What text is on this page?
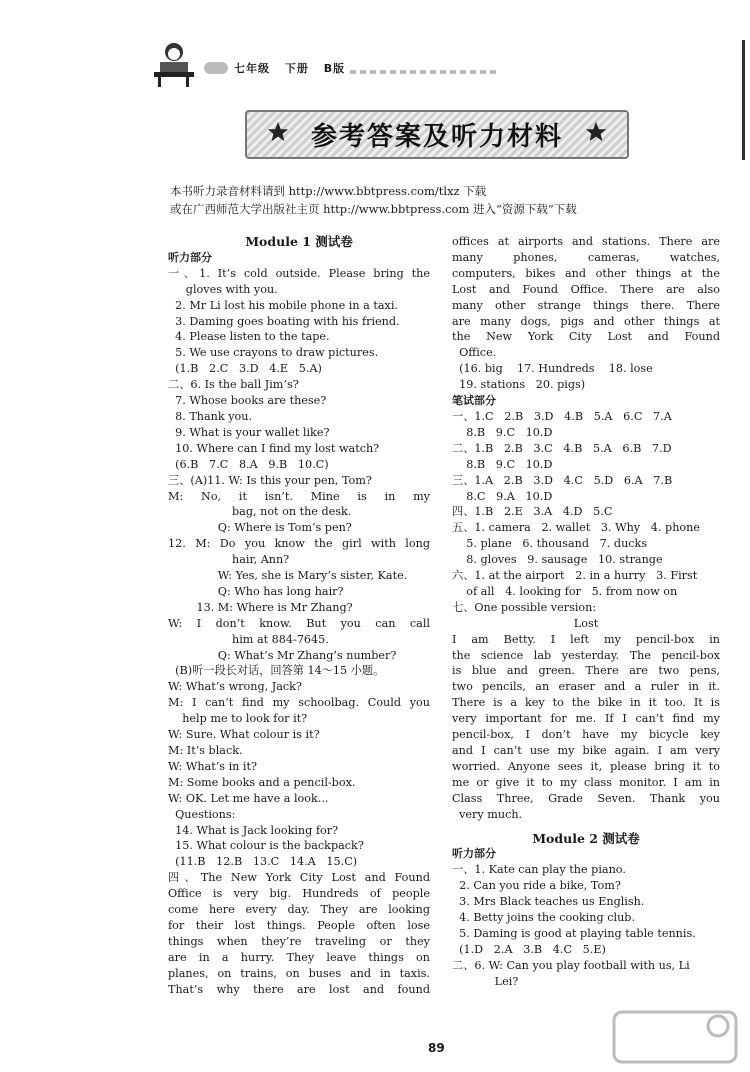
七年级 下册 B版
参考答案及听力材料
本书听力录音材料请到 http://www.bbtpress.com/tlxz 下载
或在广西师范大学出版社主页 http://www.bbtpress.com 进入“资源下载”下载
Module 1 测试卷
听力部分
一、1. It’s cold outside. Please bring the
gloves with you.
2. Mr Li lost his mobile phone in a taxi.
3. Daming goes boating with his friend.
4. Please listen to the tape.
5. We use crayons to draw pictures.
(1.B   2.C   3.D   4.E   5.A)
二、6. Is the ball Jim’s?
7. Whose books are these?
8. Thank you.
9. What is your wallet like?
10. Where can I find my lost watch?
(6.B   7.C   8.A   9.B   10.C)
三、(A)11. W: Is this your pen, Tom?
M: No, it isn’t. Mine is in my
bag, not on the desk.
Q: Where is Tom’s pen?
12. M: Do you know the girl with long
hair, Ann?
W: Yes, she is Mary’s sister, Kate.
Q: Who has long hair?
13. M: Where is Mr Zhang?
W: I don’t know. But you can call
him at 884-7645.
Q: What’s Mr Zhang’s number?
(B)听一段长对话，回答第 14～15 小题。
W: What’s wrong, Jack?
M: I can’t find my schoolbag. Could you
help me to look for it?
W: Sure. What colour is it?
M: It’s black.
W: What’s in it?
M: Some books and a pencil-box.
W: OK. Let me have a look...
Questions:
14. What is Jack looking for?
15. What colour is the backpack?
(11.B   12.B   13.C   14.A   15.C)
四、The New York City Lost and Found
Office is very big. Hundreds of people
come here every day. They are looking
for their lost things. People often lose
things when they’re traveling or they
are in a hurry. They leave things on
planes, on trains, on buses and in taxis.
That’s why there are lost and found
offices at airports and stations. There are
many phones, cameras, watches,
computers, bikes and other things at the
Lost and Found Office. There are also
many other strange things there. There
are many dogs, pigs and other things at
the New York City Lost and Found
Office.
(16. big    17. Hundreds    18. lose
19. stations   20. pigs)
笔试部分
一、1.C   2.B   3.D   4.B   5.A   6.C   7.A
8.B   9.C   10.D
二、1.B   2.B   3.C   4.B   5.A   6.B   7.D
8.B   9.C   10.D
三、1.A   2.B   3.D   4.C   5.D   6.A   7.B
8.C   9.A   10.D
四、1.B   2.E   3.A   4.D   5.C
五、1. camera   2. wallet   3. Why   4. phone
5. plane   6. thousand   7. ducks
8. gloves   9. sausage   10. strange
六、1. at the airport   2. in a hurry   3. First
of all   4. looking for   5. from now on
七、One possible version:
Lost
I am Betty. I left my pencil-box in
the science lab yesterday. The pencil-box
is blue and green. There are two pens,
two pencils, an eraser and a ruler in it.
There is a key to the bike in it too. It is
very important for me. If I can’t find my
pencil-box, I don’t have my bicycle key
and I can’t use my bike again. I am very
worried. Anyone sees it, please bring it to
me or give it to my class monitor. I am in
Class Three, Grade Seven. Thank you
very much.
Module 2 测试卷
听力部分
一、1. Kate can play the piano.
2. Can you ride a bike, Tom?
3. Mrs Black teaches us English.
4. Betty joins the cooking club.
5. Daming is good at playing table tennis.
(1.D   2.A   3.B   4.C   5.E)
二、6. W: Can you play football with us, Li
Lei?
89
